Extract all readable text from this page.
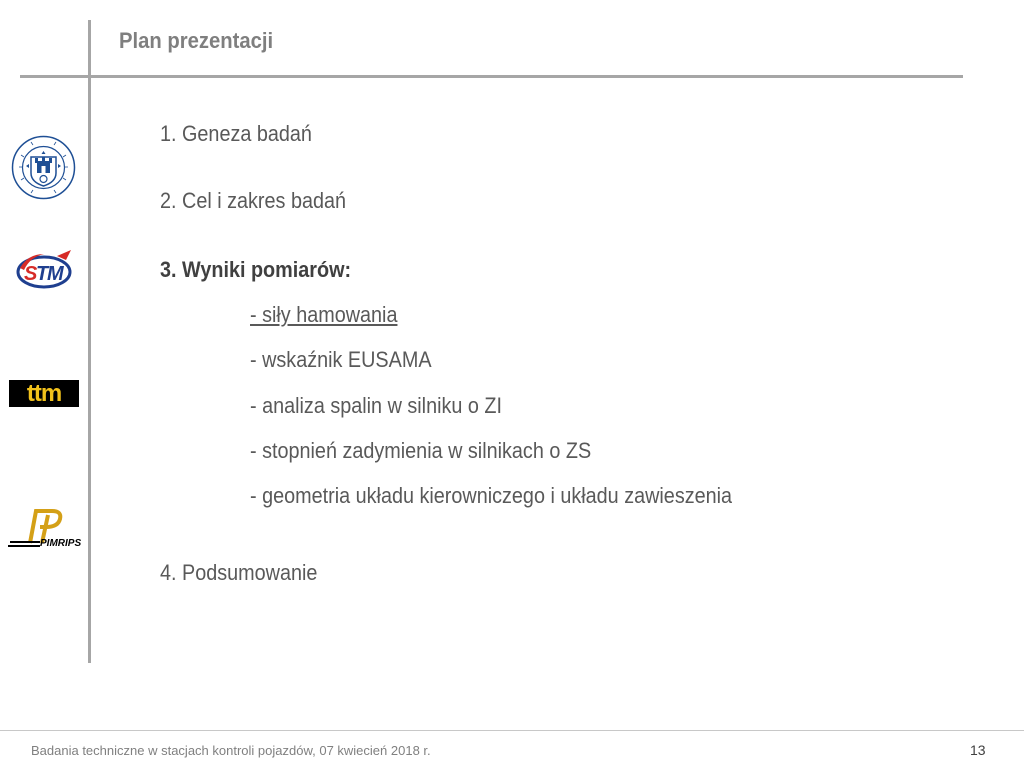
Plan prezentacji
1. Geneza badań
2. Cel i zakres badań
3. Wyniki pomiarów:
- siły hamowania
- wskaźnik EUSAMA
- analiza spalin w silniku o ZI
- stopnień zadymienia w silnikach o ZS
- geometria układu kierowniczego i układu zawieszenia
4. Podsumowanie
S
T
M
ttm
PIMRIPS
Badania techniczne w stacjach kontroli pojazdów, 07 kwiecień 2018 r.	13
